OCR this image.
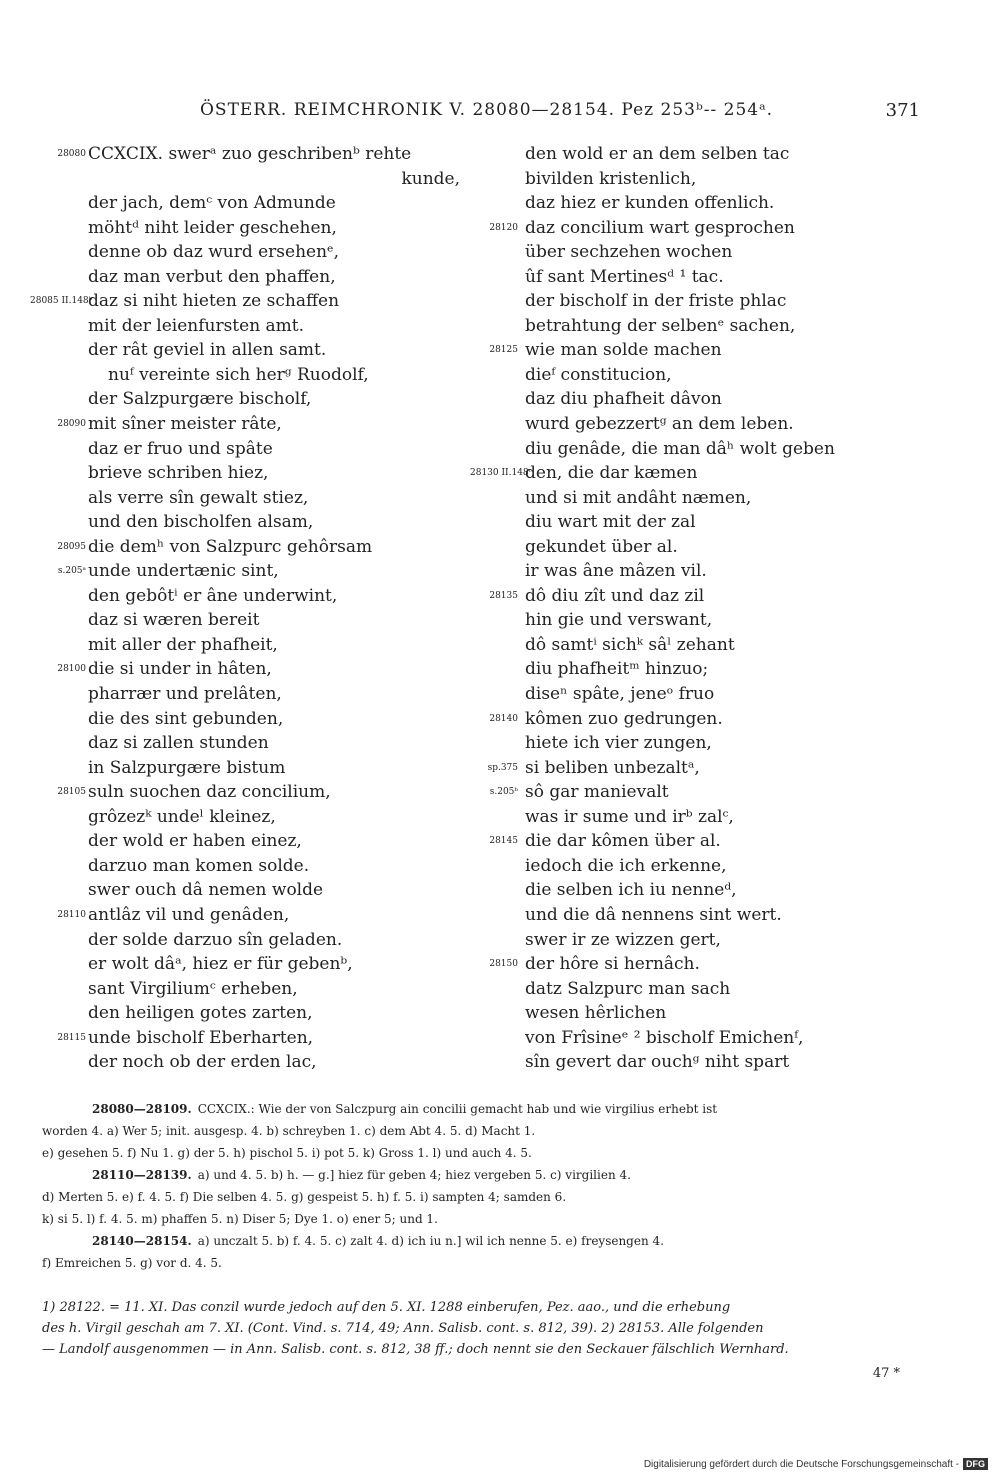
ÖSTERR. REIMCHRONIK V. 28080—28154. Pez 253ᵇ-- 254ᵃ.	371
28080 CCXCIX. swerᵃ zuo geschribenᵇ rehte
kunde,
der jach, demᶜ von Admunde
möhtᵈ niht leider geschehen,
denne ob daz wurd ersehenᵉ,
daz man verbut den phaffen,
28085 II.148ᵇ
daz si niht hieten ze schaffen
mit der leienfursten amt.
der rât geviel in allen samt.
nuᶠ vereinte sich herᵍ Ruodolf,
der Salzpurgære bischolf,
28090 mit sîner meister râte,
daz er fruo und spâte
brieve schriben hiez,
als verre sîn gewalt stiez,
und den bischolfen alsam,
28095 die demʰ von Salzpurc gehôrsam
s.205ᵃ unde undertænic sint,
den gebôtⁱ er âne underwint,
daz si wæren bereit
mit aller der phafheit,
28100 die si under in hâten,
pharrær und prelâten,
die des sint gebunden,
daz si zallen stunden
in Salzpurgære bistum
28105 suln suochen daz concilium,
grôzezᵏ undeˡ kleinez,
der wold er haben einez,
darzuo man komen solde.
swer ouch dâ nemen wolde
28110 antlâz vil und genâden,
der solde darzuo sîn geladen.
er wolt dâᵃ, hiez er für gebenᵇ,
sant Virgiliumᶜ erheben,
den heiligen gotes zarten,
28115 unde bischolf Eberharten,
der noch ob der erden lac,
den wold er an dem selben tac
bivilden kristenlich,
daz hiez er kunden offenlich.
28120 daz concilium wart gesprochen
über sechzehen wochen
ûf sant Mertinesᵈ ¹ tac.
der bischolf in der friste phlac
betrahtung der selbenᵉ sachen,
28125 wie man solde machen
dieᶠ constitucion,
daz diu phafheit dâvon
wurd gebezzertᵍ an dem leben.
diu genâde, die man dâʰ wolt geben
28130 II.148ᶜ
den, die dar kæmen
und si mit andâht næmen,
diu wart mit der zal
gekundet über al.
ir was âne mâzen vil.
28135 dô diu zît und daz zil
hin gie und verswant,
dô samtⁱ sichᵏ sâˡ zehant
diu phafheitᵐ hinzuo;
diseⁿ spâte, jeneᵒ fruo
28140 kômen zuo gedrungen.
hiete ich vier zungen,
sp.375 si beliben unbezaltᵃ,
s.205ᵇ sô gar manievalt
was ir sume und irᵇ zalᶜ,
28145 die dar kômen über al.
iedoch die ich erkenne,
die selben ich iu nenneᵈ,
und die dâ nennens sint wert.
swer ir ze wizzen gert,
28150 der hôre si hernâch.
datz Salzpurc man sach
wesen hêrlichen
von Frîsineᵉ ² bischolf Emichenᶠ,
sîn gevert dar ouchᵍ niht spart
28080—28109. CCXCIX.: Wie der von Salczpurg ain concilii gemacht hab und wie virgilius erhebt ist
worden 4. a) Wer 5; init. ausgesp. 4. b) schreyben 1. c) dem Abt 4. 5. d) Macht 1.
e) gesehen 5. f) Nu 1. g) der 5. h) pischol 5. i) pot 5. k) Gross 1. l) und auch 4. 5.
28110—28139. a) und 4. 5. b) h. — g.] hiez für geben 4; hiez vergeben 5. c) virgilien 4.
d) Merten 5. e) f. 4. 5. f) Die selben 4. 5. g) gespeist 5. h) f. 5. i) sampten 4; samden 6.
k) si 5. l) f. 4. 5. m) phaffen 5. n) Diser 5; Dye 1. o) ener 5; und 1.
28140—28154. a) unczalt 5. b) f. 4. 5. c) zalt 4. d) ich iu n.] wil ich nenne 5. e) freysengen 4.
f) Emreichen 5. g) vor d. 4. 5.
1) 28122. = 11. XI. Das conzil wurde jedoch auf den 5. XI. 1288 einberufen, Pez. aao., und die erhebung
des h. Virgil geschah am 7. XI. (Cont. Vind. s. 714, 49; Ann. Salisb. cont. s. 812, 39). 2) 28153. Alle folgenden
— Landolf ausgenommen — in Ann. Salisb. cont. s. 812, 38 ff.; doch nennt sie den Seckauer fälschlich Wernhard.
47 *
Digitalisierung gefördert durch die Deutsche Forschungsgemeinschaft - DFG
